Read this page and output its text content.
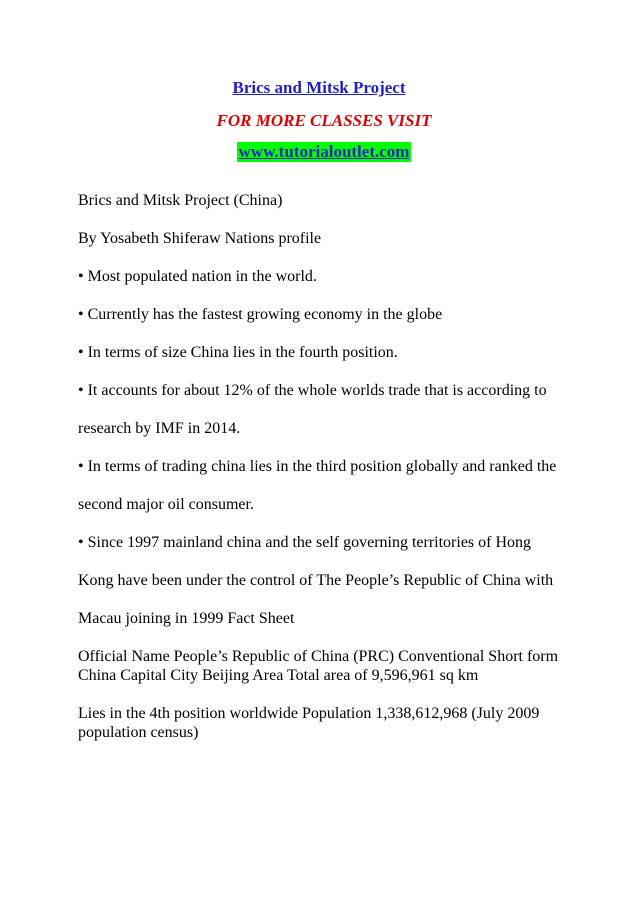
Brics and Mitsk Project
FOR MORE CLASSES VISIT
www.tutorialoutlet.com

Brics and Mitsk Project (China)

By Yosabeth Shiferaw Nations profile

• Most populated nation in the world.

• Currently has the fastest growing economy in the globe

• In terms of size China lies in the fourth position.

• It accounts for about 12% of the whole worlds trade that is according to

research by IMF in 2014.

• In terms of trading china lies in the third position globally and ranked the

second major oil consumer.

• Since 1997 mainland china and the self governing territories of Hong

Kong have been under the control of The People’s Republic of China with

Macau joining in 1999 Fact Sheet

Official Name People’s Republic of China (PRC) Conventional Short form China Capital City Beijing Area Total area of 9,596,961 sq km

Lies in the 4th position worldwide Population 1,338,612,968 (July 2009 population census)
